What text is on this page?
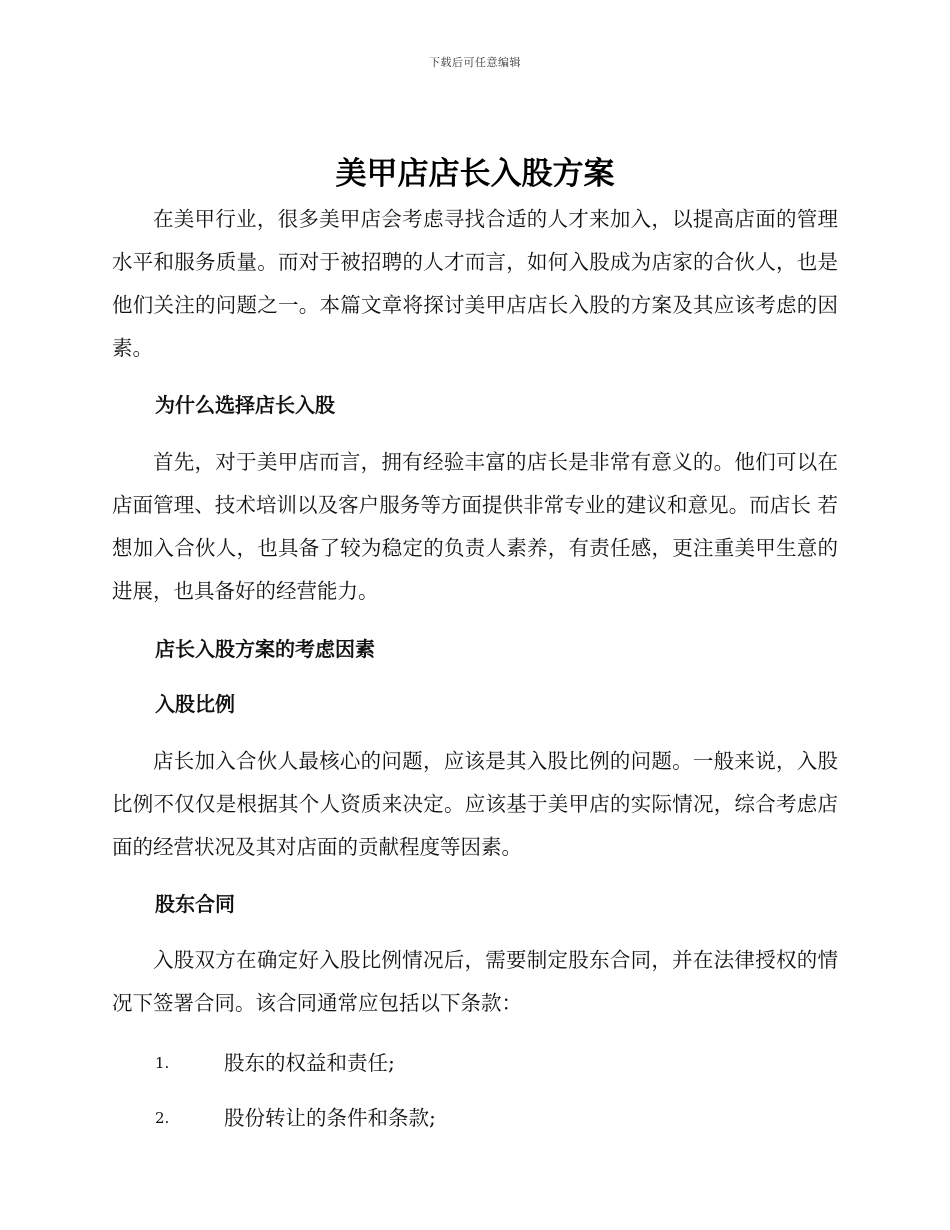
下载后可任意编辑
美甲店店长入股方案

在美甲行业，很多美甲店会考虑寻找合适的人才来加入，以提高店面的管理水平和服务质量。而对于被招聘的人才而言，如何入股成为店家的合伙人，也是他们关注的问题之一。本篇文章将探讨美甲店店长入股的方案及其应该考虑的因素。

为什么选择店长入股

首先，对于美甲店而言，拥有经验丰富的店长是非常有意义的。他们可以在店面管理、技术培训以及客户服务等方面提供非常专业的建议和意见。而店长 若想加入合伙人，也具备了较为稳定的负责人素养，有责任感，更注重美甲生意的进展，也具备好的经营能力。

店长入股方案的考虑因素
入股比例

店长加入合伙人最核心的问题，应该是其入股比例的问题。一般来说，入股比例不仅仅是根据其个人资质来决定。应该基于美甲店的实际情况，综合考虑店面的经营状况及其对店面的贡献程度等因素。

股东合同

入股双方在确定好入股比例情况后，需要制定股东合同，并在法律授权的情况下签署合同。该合同通常应包括以下条款：

1.	股东的权益和责任;
2.	股份转让的条件和条款;
